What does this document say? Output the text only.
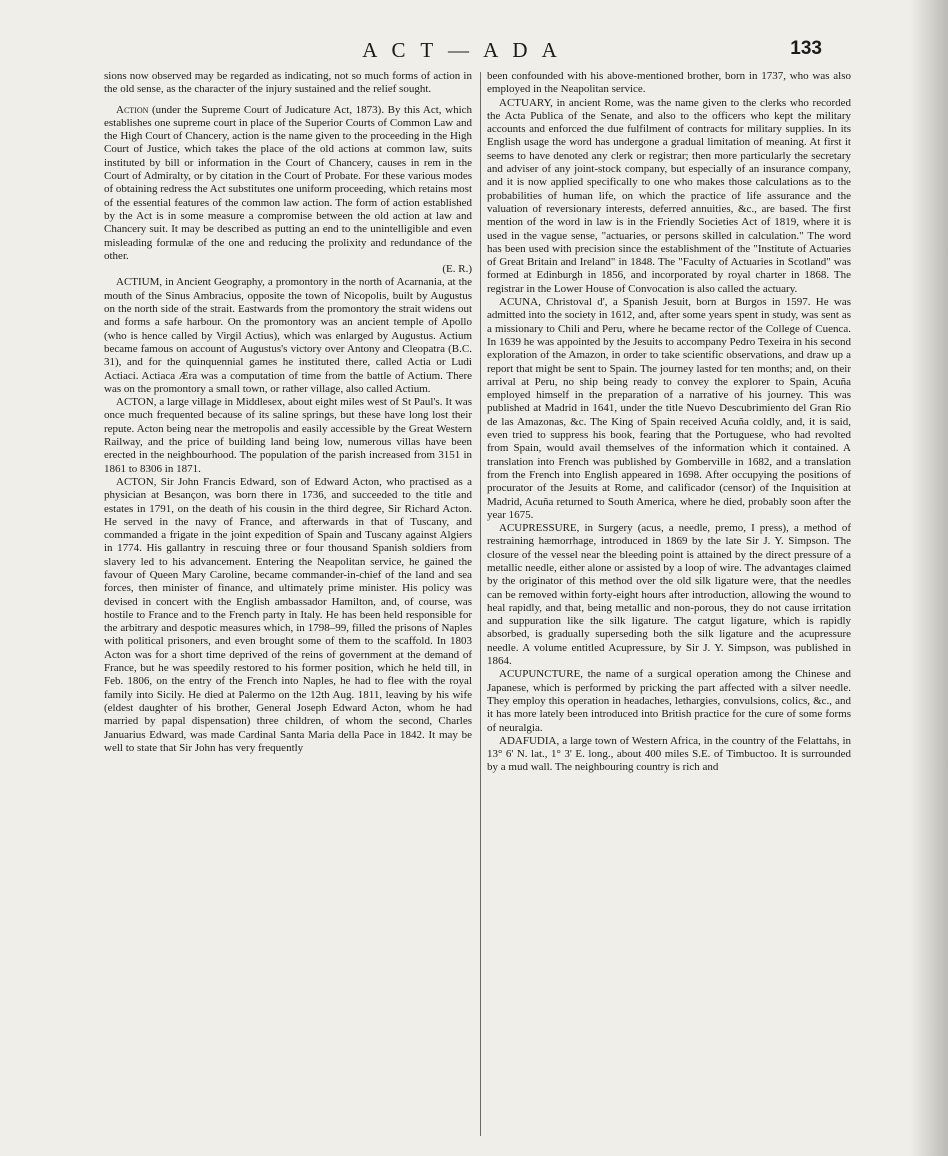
A C T — A D A	133

sions now observed may be regarded as indicating, not so much forms of action in the old sense, as the character of the injury sustained and the relief sought.

Action (under the Supreme Court of Judicature Act, 1873). By this Act, which establishes one supreme court in place of the Superior Courts of Common Law and the High Court of Chancery, action is the name given to the proceeding in the High Court of Justice, which takes the place of the old actions at common law, suits instituted by bill or information in the Court of Chancery, causes in rem in the Court of Admiralty, or by citation in the Court of Probate. For these various modes of obtaining redress the Act substitutes one uniform proceeding, which retains most of the essential features of the common law action. The form of action established by the Act is in some measure a compromise between the old action at law and Chancery suit. It may be described as putting an end to the unintelligible and even misleading formulæ of the one and reducing the prolixity and redundance of the other.
(E. R.)

ACTIUM, in Ancient Geography, a promontory in the north of Acarnania, at the mouth of the Sinus Ambracius, opposite the town of Nicopolis, built by Augustus on the north side of the strait. Eastwards from the promontory the strait widens out and forms a safe harbour. On the promontory was an ancient temple of Apollo (who is hence called by Virgil Actius), which was enlarged by Augustus. Actium became famous on account of Augustus's victory over Antony and Cleopatra (B.C. 31), and for the quinquennial games he instituted there, called Actia or Ludi Actiaci. Actiaca Æra was a computation of time from the battle of Actium. There was on the promontory a small town, or rather village, also called Actium.

ACTON, a large village in Middlesex, about eight miles west of St Paul's. It was once much frequented because of its saline springs, but these have long lost their repute. Acton being near the metropolis and easily accessible by the Great Western Railway, and the price of building land being low, numerous villas have been erected in the neighbourhood. The population of the parish increased from 3151 in 1861 to 8306 in 1871.

ACTON, Sir John Francis Edward, son of Edward Acton, who practised as a physician at Besançon, was born there in 1736, and succeeded to the title and estates in 1791, on the death of his cousin in the third degree, Sir Richard Acton. He served in the navy of France, and afterwards in that of Tuscany, and commanded a frigate in the joint expedition of Spain and Tuscany against Algiers in 1774. His gallantry in rescuing three or four thousand Spanish soldiers from slavery led to his advancement. Entering the Neapolitan service, he gained the favour of Queen Mary Caroline, became commander-in-chief of the land and sea forces, then minister of finance, and ultimately prime minister. His policy was devised in concert with the English ambassador Hamilton, and, of course, was hostile to France and to the French party in Italy. He has been held responsible for the arbitrary and despotic measures which, in 1798–99, filled the prisons of Naples with political prisoners, and even brought some of them to the scaffold. In 1803 Acton was for a short time deprived of the reins of government at the demand of France, but he was speedily restored to his former position, which he held till, in Feb. 1806, on the entry of the French into Naples, he had to flee with the royal family into Sicily. He died at Palermo on the 12th Aug. 1811, leaving by his wife (eldest daughter of his brother, General Joseph Edward Acton, whom he had married by papal dispensation) three children, of whom the second, Charles Januarius Edward, was made Cardinal Santa Maria della Pace in 1842. It may be well to state that Sir John has very frequently

been confounded with his above-mentioned brother, born in 1737, who was also employed in the Neapolitan service.

ACTUARY, in ancient Rome, was the name given to the clerks who recorded the Acta Publica of the Senate, and also to the officers who kept the military accounts and enforced the due fulfilment of contracts for military supplies. In its English usage the word has undergone a gradual limitation of meaning. At first it seems to have denoted any clerk or registrar; then more particularly the secretary and adviser of any joint-stock company, but especially of an insurance company, and it is now applied specifically to one who makes those calculations as to the probabilities of human life, on which the practice of life assurance and the valuation of reversionary interests, deferred annuities, &c., are based. The first mention of the word in law is in the Friendly Societies Act of 1819, where it is used in the vague sense, "actuaries, or persons skilled in calculation." The word has been used with precision since the establishment of the "Institute of Actuaries of Great Britain and Ireland" in 1848. The "Faculty of Actuaries in Scotland" was formed at Edinburgh in 1856, and incorporated by royal charter in 1868. The registrar in the Lower House of Convocation is also called the actuary.

ACUNA, Christoval d', a Spanish Jesuit, born at Burgos in 1597. He was admitted into the society in 1612, and, after some years spent in study, was sent as a missionary to Chili and Peru, where he became rector of the College of Cuenca. In 1639 he was appointed by the Jesuits to accompany Pedro Texeira in his second exploration of the Amazon, in order to take scientific observations, and draw up a report that might be sent to Spain. The journey lasted for ten months; and, on their arrival at Peru, no ship being ready to convey the explorer to Spain, Acuña employed himself in the preparation of a narrative of his journey. This was published at Madrid in 1641, under the title Nuevo Descubrimiento del Gran Rio de las Amazonas, &c. The King of Spain received Acuña coldly, and, it is said, even tried to suppress his book, fearing that the Portuguese, who had revolted from Spain, would avail themselves of the information which it contained. A translation into French was published by Gomberville in 1682, and a translation from the French into English appeared in 1698. After occupying the positions of procurator of the Jesuits at Rome, and calificador (censor) of the Inquisition at Madrid, Acuña returned to South America, where he died, probably soon after the year 1675.

ACUPRESSURE, in Surgery (acus, a needle, premo, I press), a method of restraining hæmorrhage, introduced in 1869 by the late Sir J. Y. Simpson. The closure of the vessel near the bleeding point is attained by the direct pressure of a metallic needle, either alone or assisted by a loop of wire. The advantages claimed by the originator of this method over the old silk ligature were, that the needles can be removed within forty-eight hours after introduction, allowing the wound to heal rapidly, and that, being metallic and non-porous, they do not cause irritation and suppuration like the silk ligature. The catgut ligature, which is rapidly absorbed, is gradually superseding both the silk ligature and the acupressure needle. A volume entitled Acupressure, by Sir J. Y. Simpson, was published in 1864.

ACUPUNCTURE, the name of a surgical operation among the Chinese and Japanese, which is performed by pricking the part affected with a silver needle. They employ this operation in headaches, lethargies, convulsions, colics, &c., and it has more lately been introduced into British practice for the cure of some forms of neuralgia.

ADAFUDIA, a large town of Western Africa, in the country of the Felattahs, in 13° 6' N. lat., 1° 3' E. long., about 400 miles S.E. of Timbuctoo. It is surrounded by a mud wall. The neighbouring country is rich and
